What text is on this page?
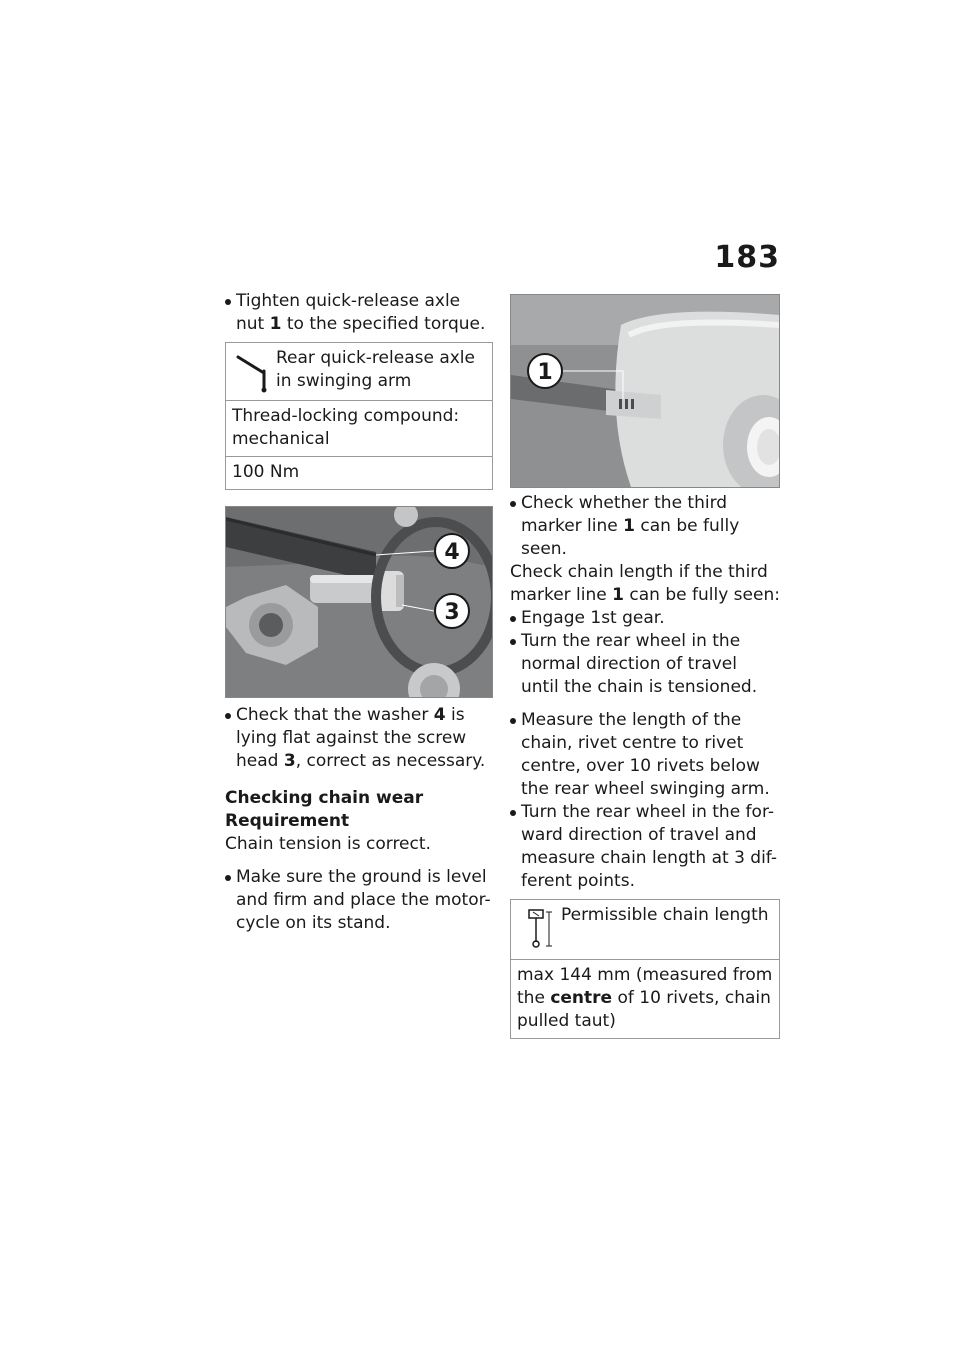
183
Tighten quick-release axle nut 1 to the specified torque.
Rear quick-release axle in swinging arm
Thread-locking compound: mechanical
100 Nm
4
3
Check that the washer 4 is lying flat against the screw head 3, correct as necessary.
Checking chain wear
Requirement
Chain tension is correct.
Make sure the ground is level and firm and place the motor-cycle on its stand.
1
Check whether the third marker line 1 can be fully seen.
Check chain length if the third marker line 1 can be fully seen:
Engage 1st gear.
Turn the rear wheel in the normal direction of travel until the chain is tensioned.
Measure the length of the chain, rivet centre to rivet centre, over 10 rivets below the rear wheel swinging arm.
Turn the rear wheel in the for-ward direction of travel and measure chain length at 3 dif-ferent points.
Permissible chain length
max 144 mm (measured from the centre of 10 rivets, chain pulled taut)
